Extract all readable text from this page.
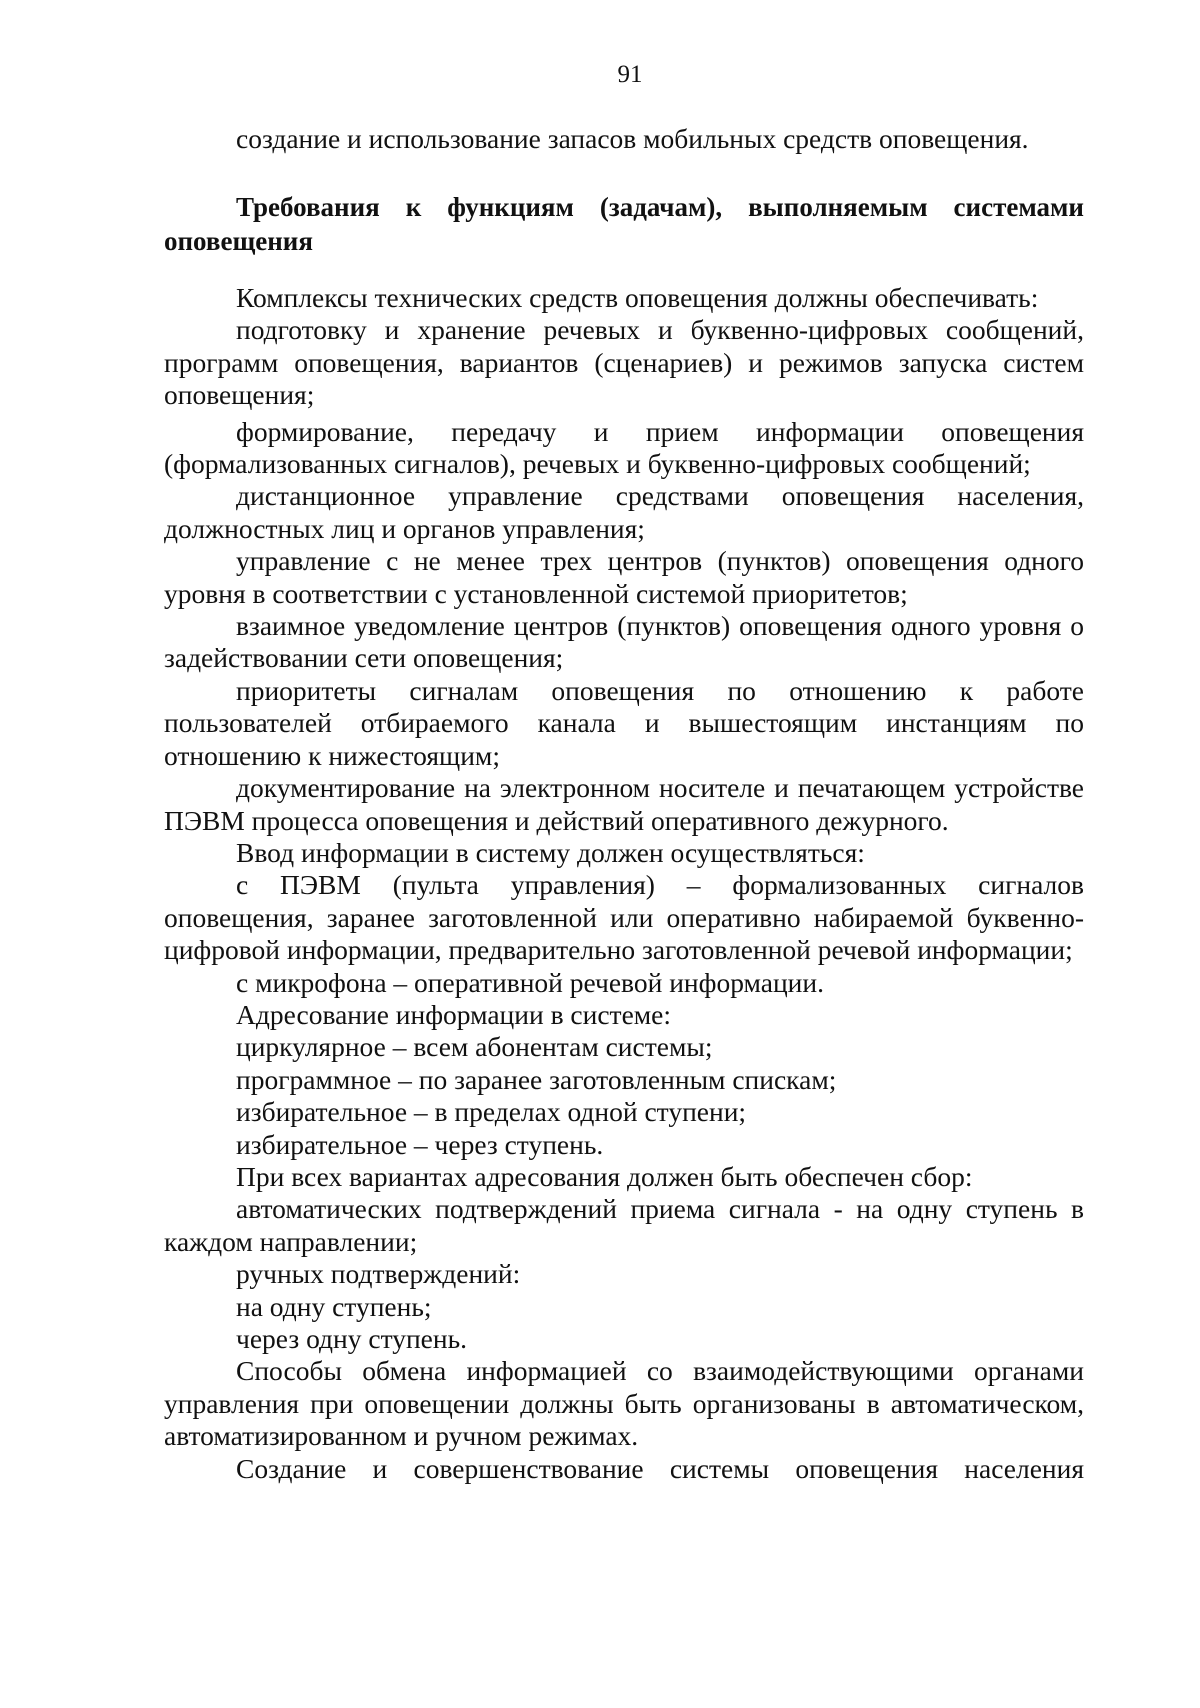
91
создание и использование запасов мобильных средств оповещения.
Требования к функциям (задачам), выполняемым системами
оповещения

Комплексы технических средств оповещения должны обеспечивать:

подготовку и хранение речевых и буквенно-цифровых сообщений, программ оповещения, вариантов (сценариев) и режимов запуска систем оповещения;

формирование, передачу и прием информации оповещения (формализованных сигналов), речевых и буквенно-цифровых сообщений;

дистанционное управление средствами оповещения населения, должностных лиц и органов управления;

управление с не менее трех центров (пунктов) оповещения одного уровня в соответствии с установленной системой приоритетов;

взаимное уведомление центров (пунктов) оповещения одного уровня о задействовании сети оповещения;

приоритеты сигналам оповещения по отношению к работе пользователей отбираемого канала и вышестоящим инстанциям по отношению к нижестоящим;

документирование на электронном носителе и печатающем устройстве ПЭВМ процесса оповещения и действий оперативного дежурного.

Ввод информации в систему должен осуществляться:

с ПЭВМ (пульта управления) – формализованных сигналов оповещения, заранее заготовленной или оперативно набираемой буквенно-цифровой информации, предварительно заготовленной речевой информации;

с микрофона – оперативной речевой информации.

Адресование информации в системе:

циркулярное – всем абонентам системы;

программное – по заранее заготовленным спискам;

избирательное – в пределах одной ступени;

избирательное – через ступень.

При всех вариантах адресования должен быть обеспечен сбор:

автоматических подтверждений приема сигнала - на одну ступень в каждом направлении;

ручных подтверждений:

на одну ступень;

через одну ступень.

Способы обмена информацией со взаимодействующими органами управления при оповещении должны быть организованы в автоматическом, автоматизированном и ручном режимах.

Создание и совершенствование системы оповещения населения
